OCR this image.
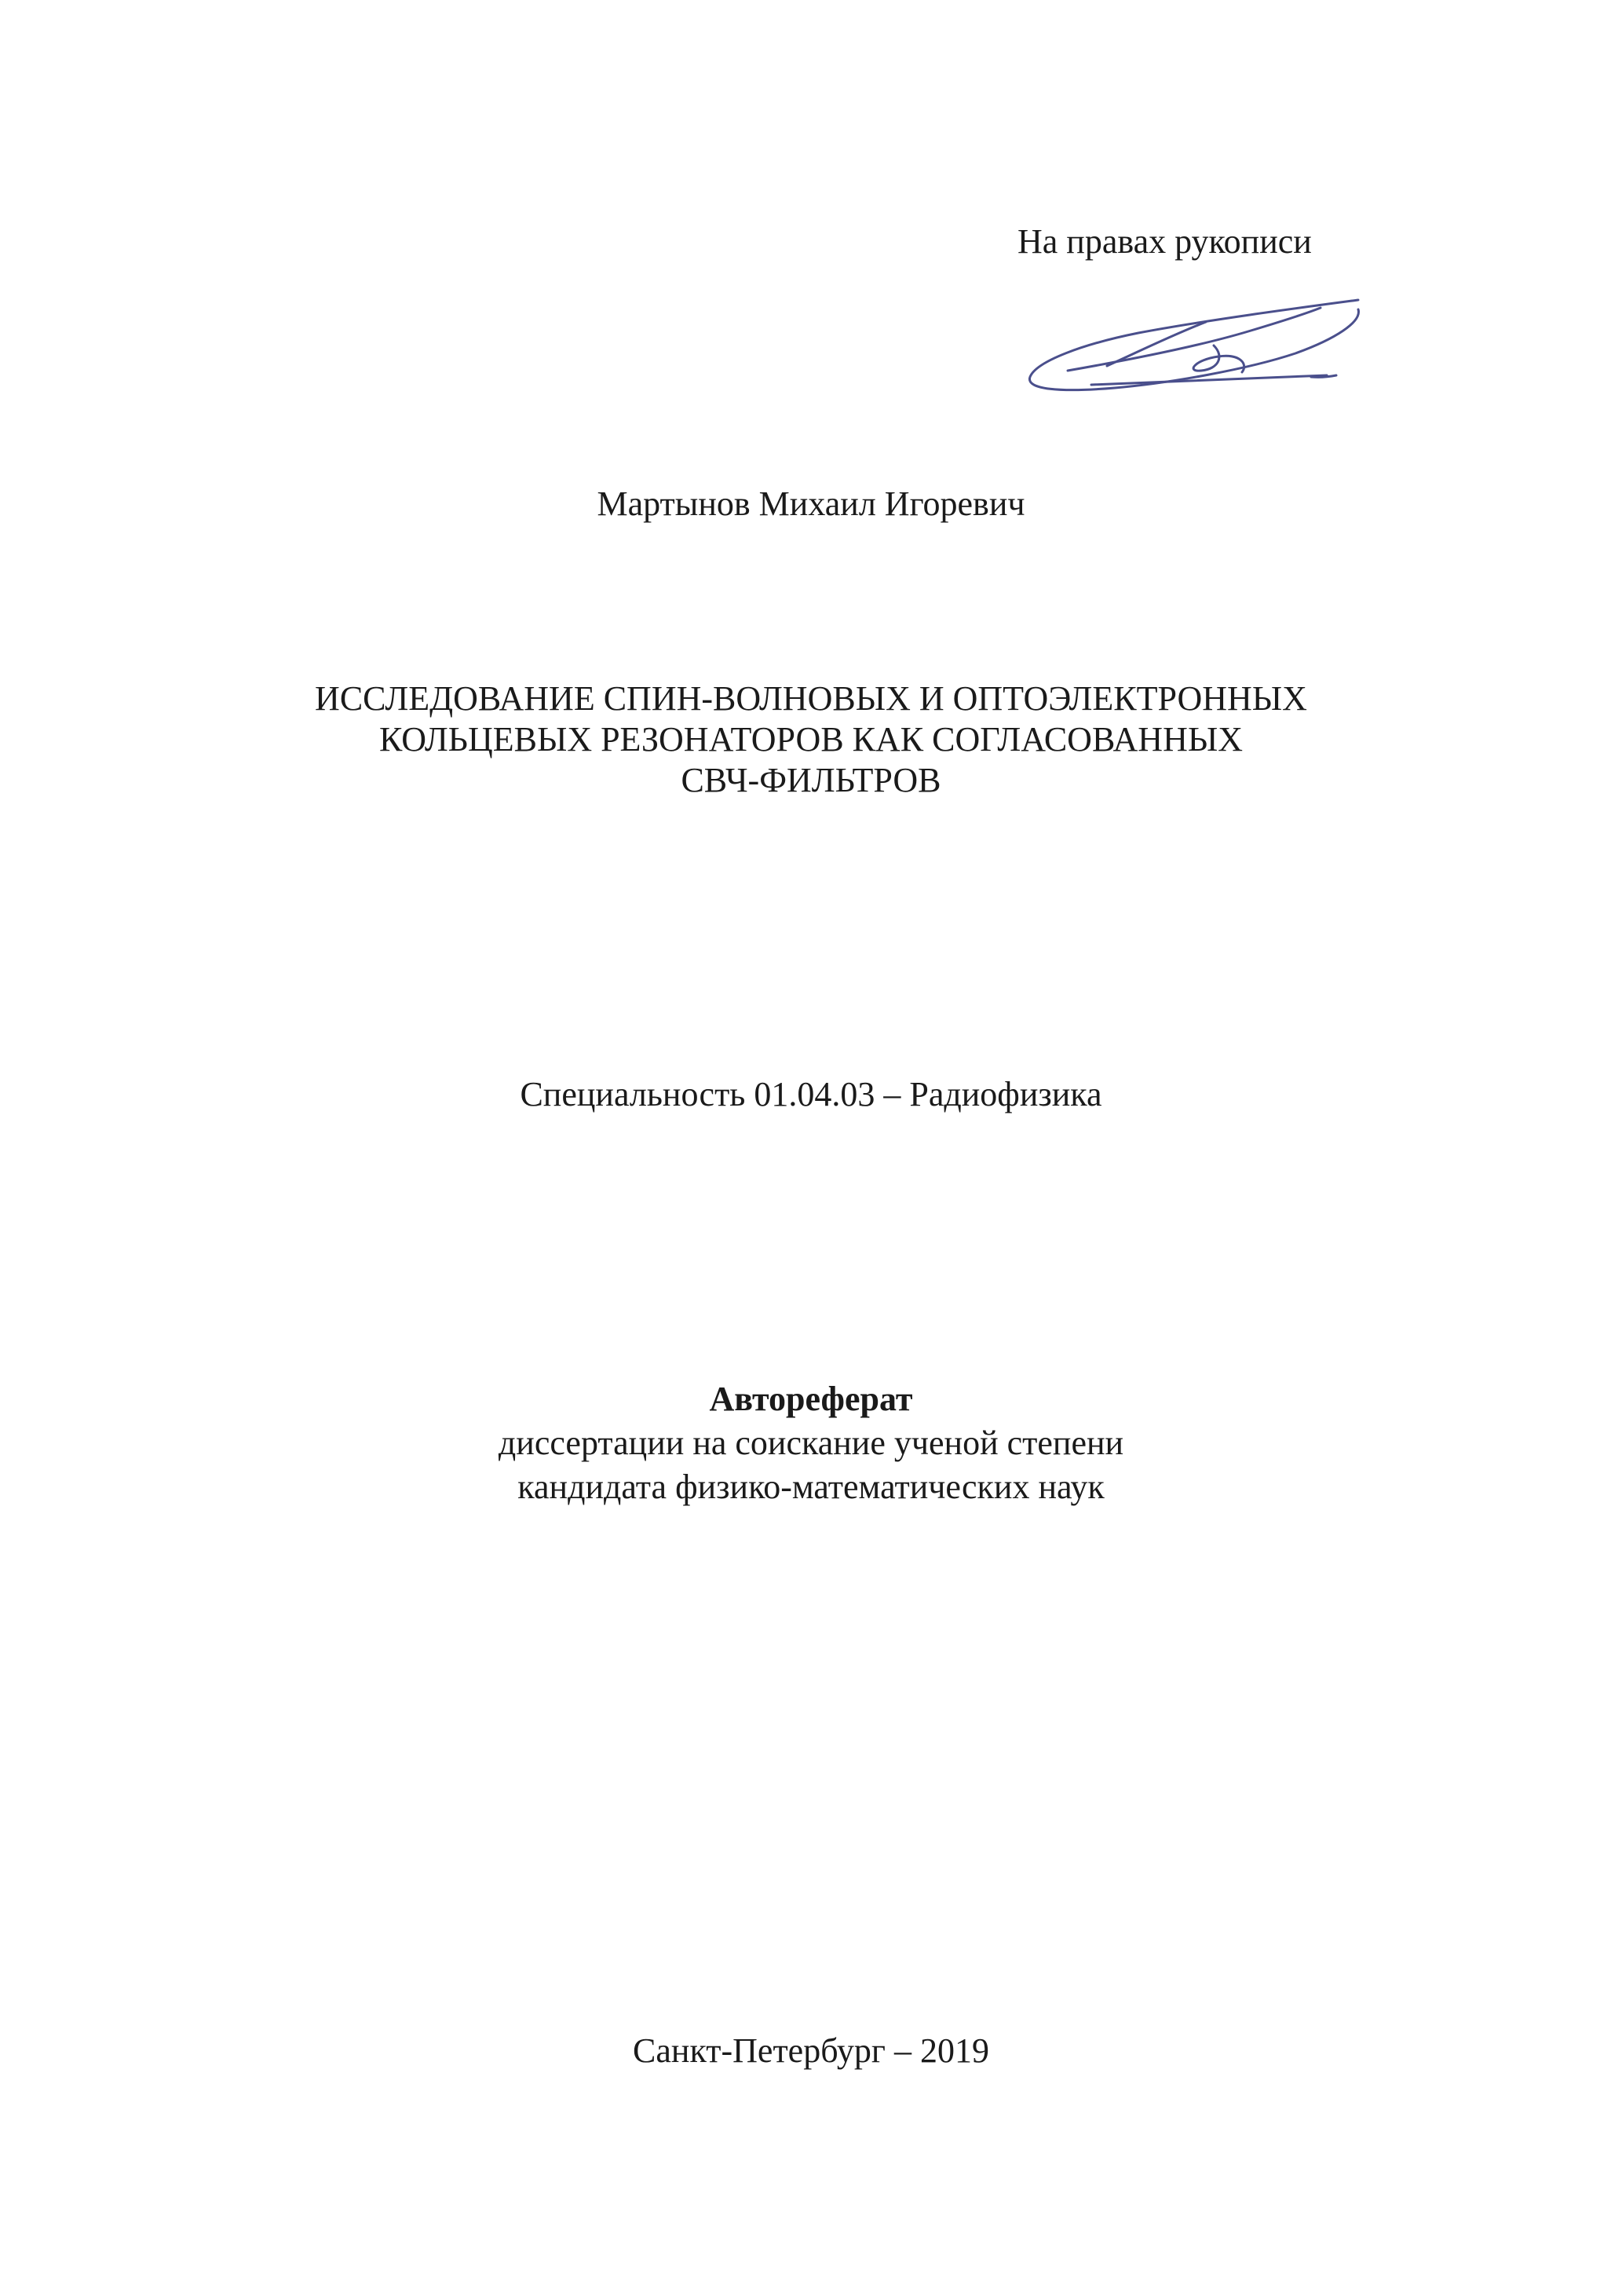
На правах рукописи
Мартынов Михаил Игоревич
ИССЛЕДОВАНИЕ СПИН-ВОЛНОВЫХ И ОПТОЭЛЕКТРОННЫХ
КОЛЬЦЕВЫХ РЕЗОНАТОРОВ КАК СОГЛАСОВАННЫХ
СВЧ-ФИЛЬТРОВ
Специальность 01.04.03 – Радиофизика
Автореферат
диссертации на соискание ученой степени
кандидата физико-математических наук
Санкт-Петербург – 2019
